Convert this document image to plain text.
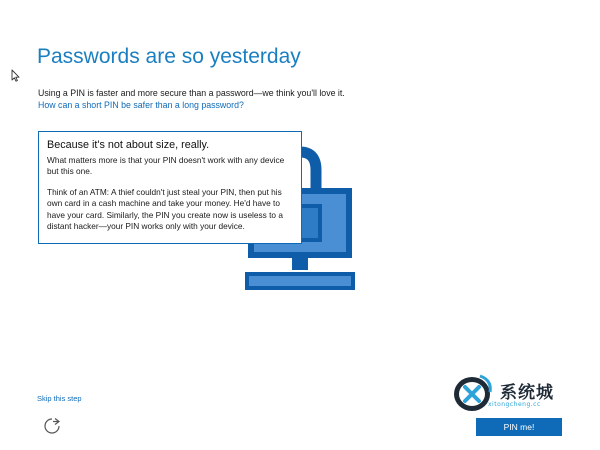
Passwords are so yesterday
Using a PIN is faster and more secure than a password—we think you'll love it.
How can a short PIN be safer than a long password?
Because it's not about size, really.

What matters more is that your PIN doesn't work with any device but this one.

Think of an ATM: A thief couldn't just steal your PIN, then put his own card in a cash machine and take your money. He'd have to have your card. Similarly, the PIN you create now is useless to a distant hacker—your PIN works only with your device.

Skip this step
PIN me!
系统城
xitongcheng.cc
